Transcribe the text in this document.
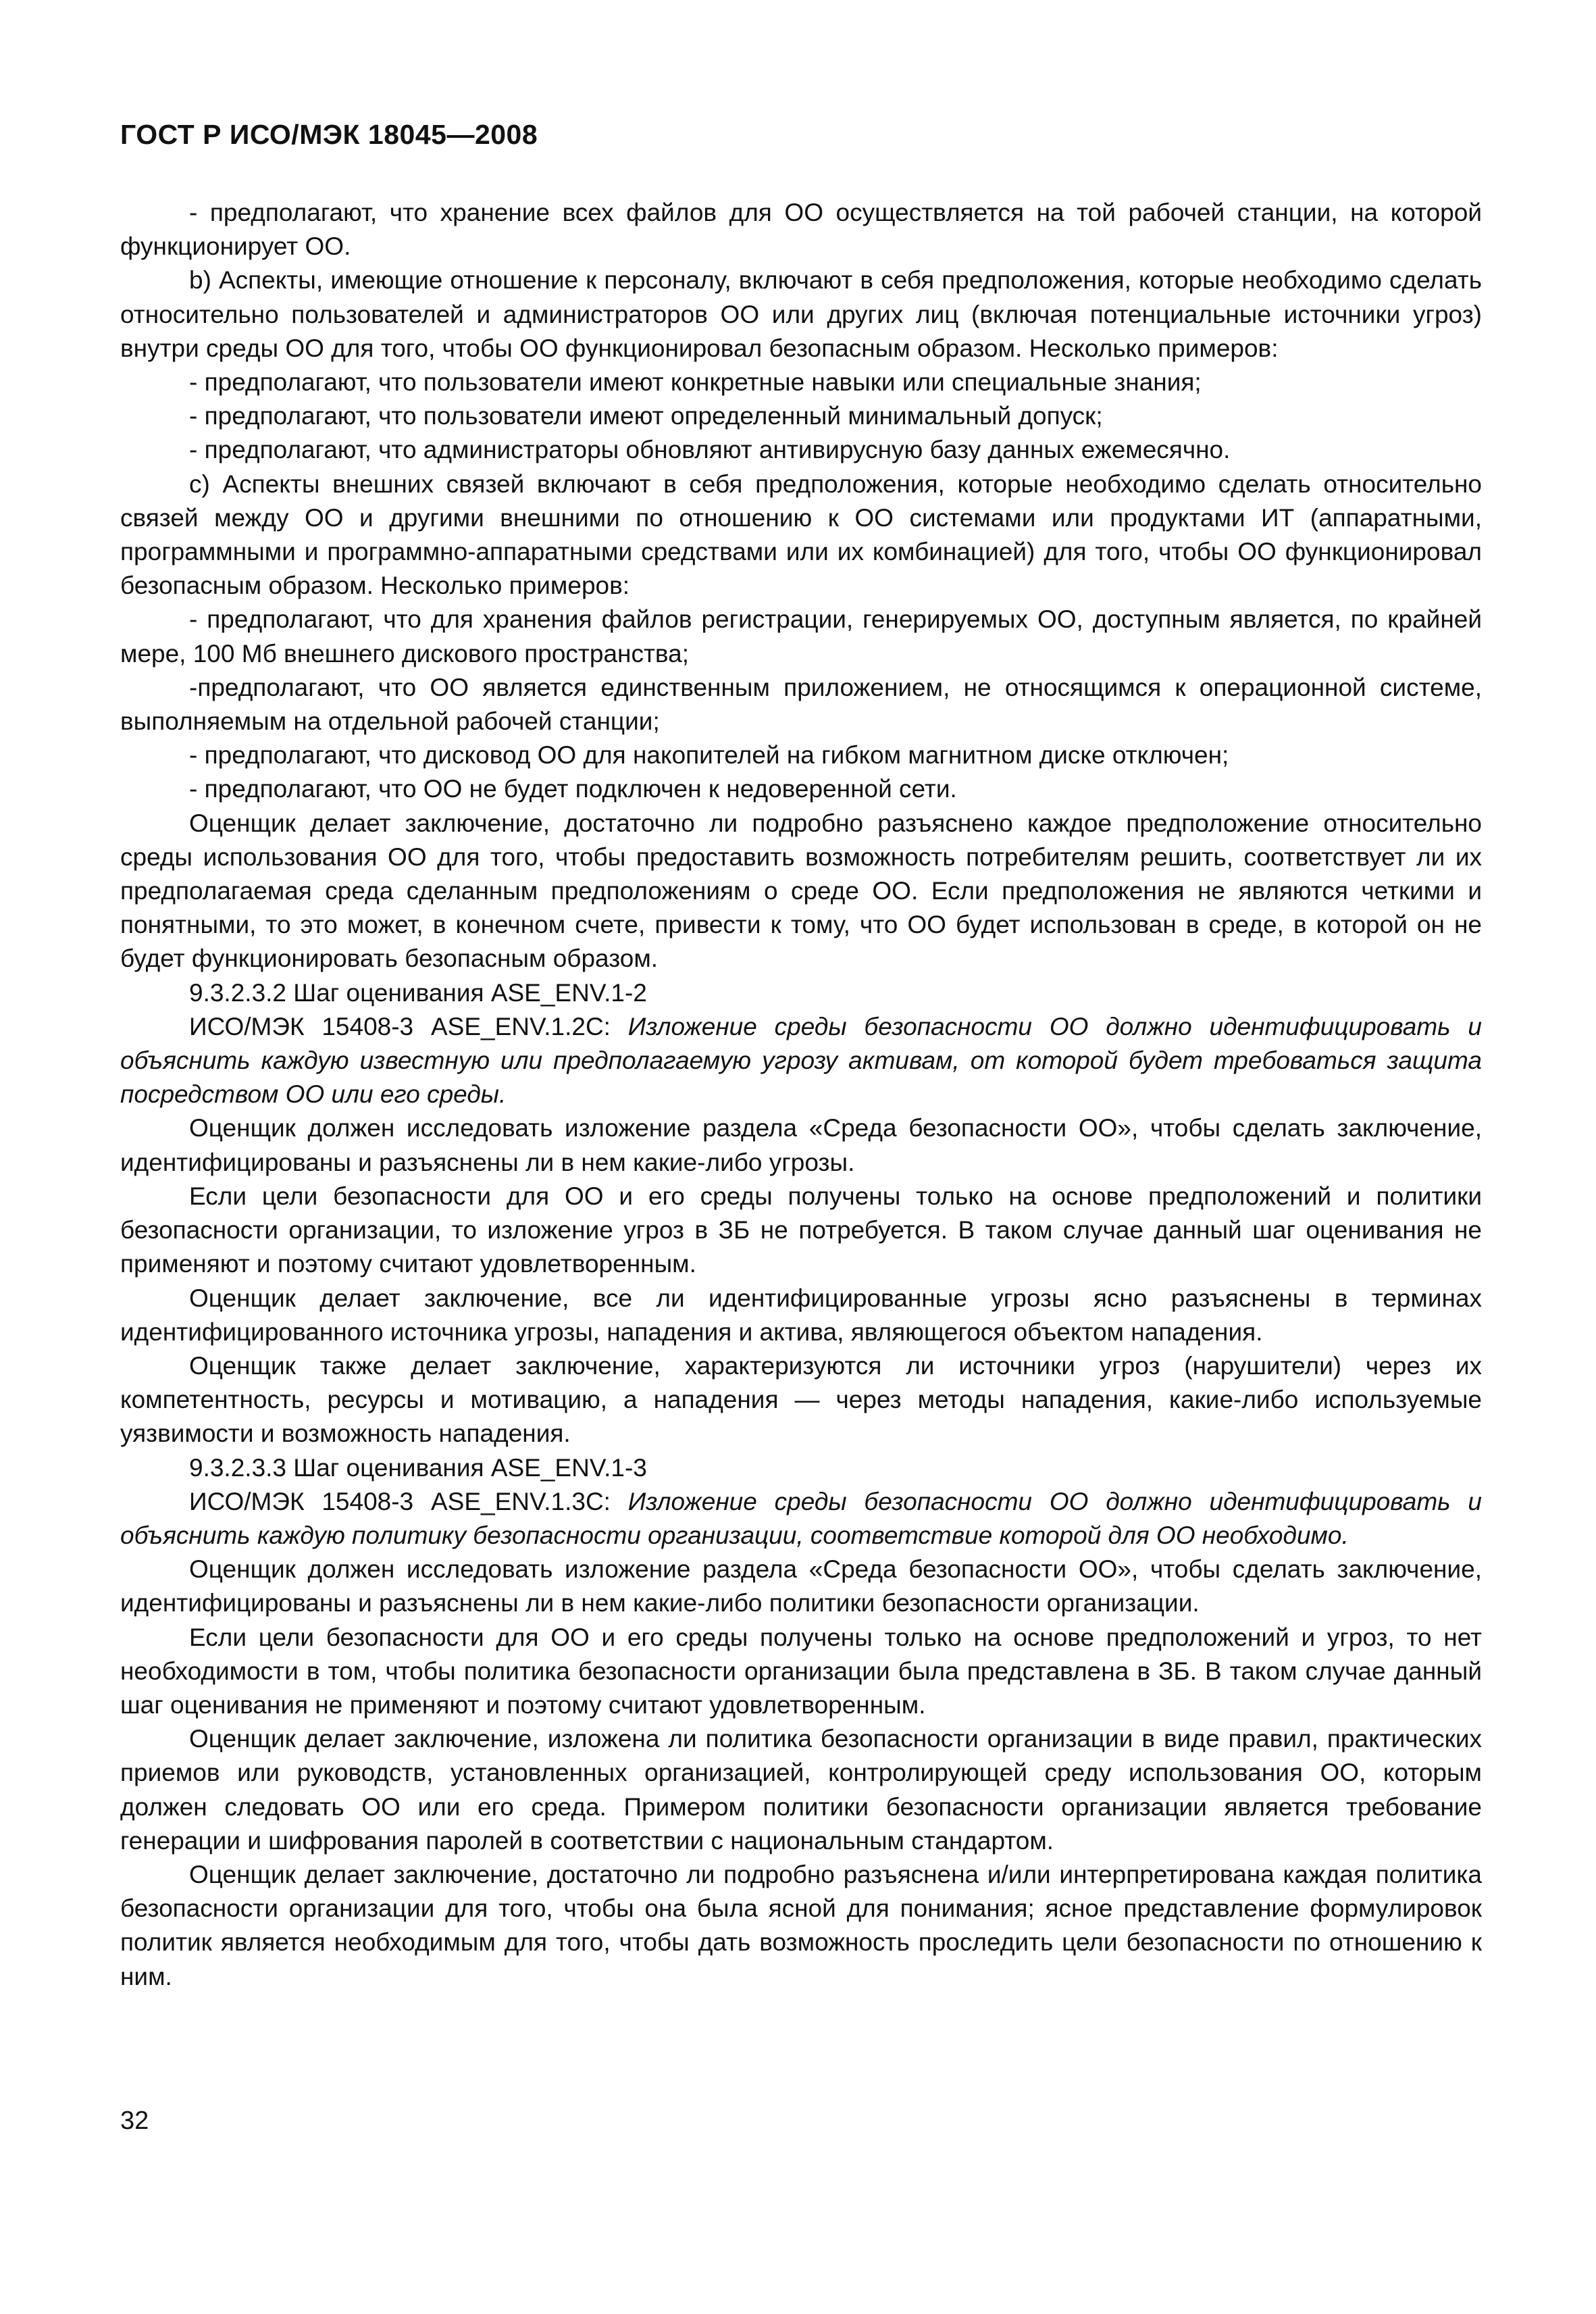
ГОСТ Р ИСО/МЭК 18045—2008

- предполагают, что хранение всех файлов для ОО осуществляется на той рабочей станции, на которой функционирует ОО.

b) Аспекты, имеющие отношение к персоналу, включают в себя предположения, которые необходимо сделать относительно пользователей и администраторов ОО или других лиц (включая потенциальные источники угроз) внутри среды ОО для того, чтобы ОО функционировал безопасным образом. Несколько примеров:

- предполагают, что пользователи имеют конкретные навыки или специальные знания;

- предполагают, что пользователи имеют определенный минимальный допуск;

- предполагают, что администраторы обновляют антивирусную базу данных ежемесячно.

с) Аспекты внешних связей включают в себя предположения, которые необходимо сделать относительно связей между ОО и другими внешними по отношению к ОО системами или продуктами ИТ (аппаратными, программными и программно-аппаратными средствами или их комбинацией) для того, чтобы ОО функционировал безопасным образом. Несколько примеров:

- предполагают, что для хранения файлов регистрации, генерируемых ОО, доступным является, по крайней мере, 100 Мб внешнего дискового пространства;

-предполагают, что ОО является единственным приложением, не относящимся к операционной системе, выполняемым на отдельной рабочей станции;

- предполагают, что дисковод ОО для накопителей на гибком магнитном диске отключен;

- предполагают, что ОО не будет подключен к недоверенной сети.

Оценщик делает заключение, достаточно ли подробно разъяснено каждое предположение относительно среды использования ОО для того, чтобы предоставить возможность потребителям решить, соответствует ли их предполагаемая среда сделанным предположениям о среде ОО. Если предположения не являются четкими и понятными, то это может, в конечном счете, привести к тому, что ОО будет использован в среде, в которой он не будет функционировать безопасным образом.

9.3.2.3.2 Шаг оценивания ASE_ENV.1-2

ИСО/МЭК 15408-3 ASE_ENV.1.2С: Изложение среды безопасности ОО должно идентифицировать и объяснить каждую известную или предполагаемую угрозу активам, от которой будет требоваться защита посредством ОО или его среды.

Оценщик должен исследовать изложение раздела «Среда безопасности ОО», чтобы сделать заключение, идентифицированы и разъяснены ли в нем какие-либо угрозы.

Если цели безопасности для ОО и его среды получены только на основе предположений и политики безопасности организации, то изложение угроз в ЗБ не потребуется. В таком случае данный шаг оценивания не применяют и поэтому считают удовлетворенным.

Оценщик делает заключение, все ли идентифицированные угрозы ясно разъяснены в терминах идентифицированного источника угрозы, нападения и актива, являющегося объектом нападения.

Оценщик также делает заключение, характеризуются ли источники угроз (нарушители) через их компетентность, ресурсы и мотивацию, а нападения — через методы нападения, какие-либо используемые уязвимости и возможность нападения.

9.3.2.3.3 Шаг оценивания ASE_ENV.1-3

ИСО/МЭК 15408-3 ASE_ENV.1.3С: Изложение среды безопасности ОО должно идентифицировать и объяснить каждую политику безопасности организации, соответствие которой для ОО необходимо.

Оценщик должен исследовать изложение раздела «Среда безопасности ОО», чтобы сделать заключение, идентифицированы и разъяснены ли в нем какие-либо политики безопасности организации.

Если цели безопасности для ОО и его среды получены только на основе предположений и угроз, то нет необходимости в том, чтобы политика безопасности организации была представлена в ЗБ. В таком случае данный шаг оценивания не применяют и поэтому считают удовлетворенным.

Оценщик делает заключение, изложена ли политика безопасности организации в виде правил, практических приемов или руководств, установленных организацией, контролирующей среду использования ОО, которым должен следовать ОО или его среда. Примером политики безопасности организации является требование генерации и шифрования паролей в соответствии с национальным стандартом.

Оценщик делает заключение, достаточно ли подробно разъяснена и/или интерпретирована каждая политика безопасности организации для того, чтобы она была ясной для понимания; ясное представление формулировок политик является необходимым для того, чтобы дать возможность проследить цели безопасности по отношению к ним.

32
